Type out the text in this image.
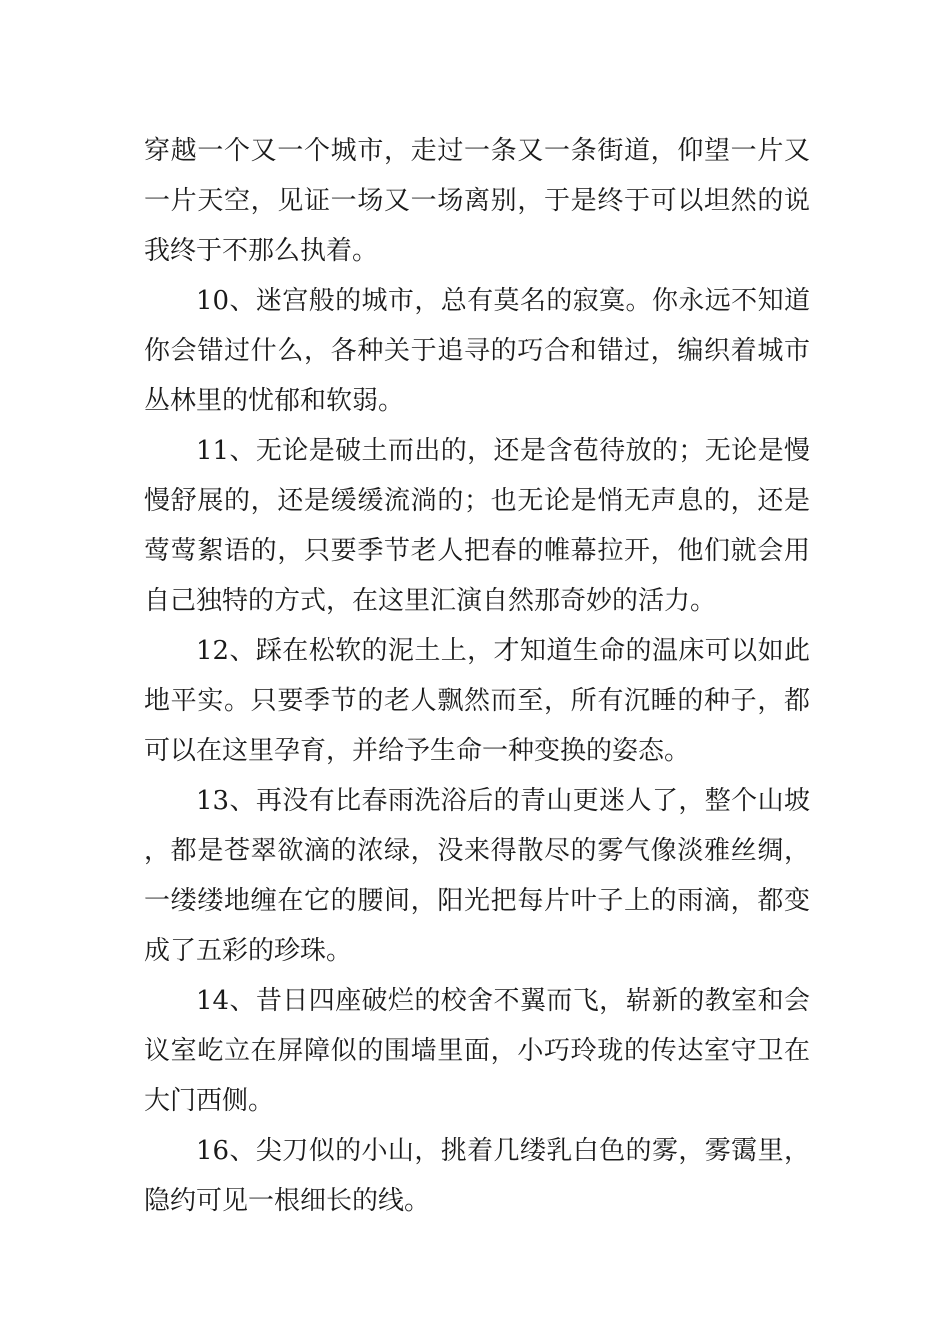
穿越一个又一个城市，走过一条又一条街道，仰望一片又一片天空，见证一场又一场离别，于是终于可以坦然的说我终于不那么执着。

10、迷宫般的城市，总有莫名的寂寞。你永远不知道你会错过什么，各种关于追寻的巧合和错过，编织着城市丛林里的忧郁和软弱。

11、无论是破土而出的，还是含苞待放的；无论是慢慢舒展的，还是缓缓流淌的；也无论是悄无声息的，还是莺莺絮语的，只要季节老人把春的帷幕拉开，他们就会用自己独特的方式，在这里汇演自然那奇妙的活力。

12、踩在松软的泥土上，才知道生命的温床可以如此地平实。只要季节的老人飘然而至，所有沉睡的种子，都可以在这里孕育，并给予生命一种变换的姿态。

13、再没有比春雨洗浴后的青山更迷人了，整个山坡，都是苍翠欲滴的浓绿，没来得散尽的雾气像淡雅丝绸，一缕缕地缠在它的腰间，阳光把每片叶子上的雨滴，都变成了五彩的珍珠。

14、昔日四座破烂的校舍不翼而飞，崭新的教室和会议室屹立在屏障似的围墙里面，小巧玲珑的传达室守卫在大门西侧。

16、尖刀似的小山，挑着几缕乳白色的雾，雾霭里，隐约可见一根细长的线。
